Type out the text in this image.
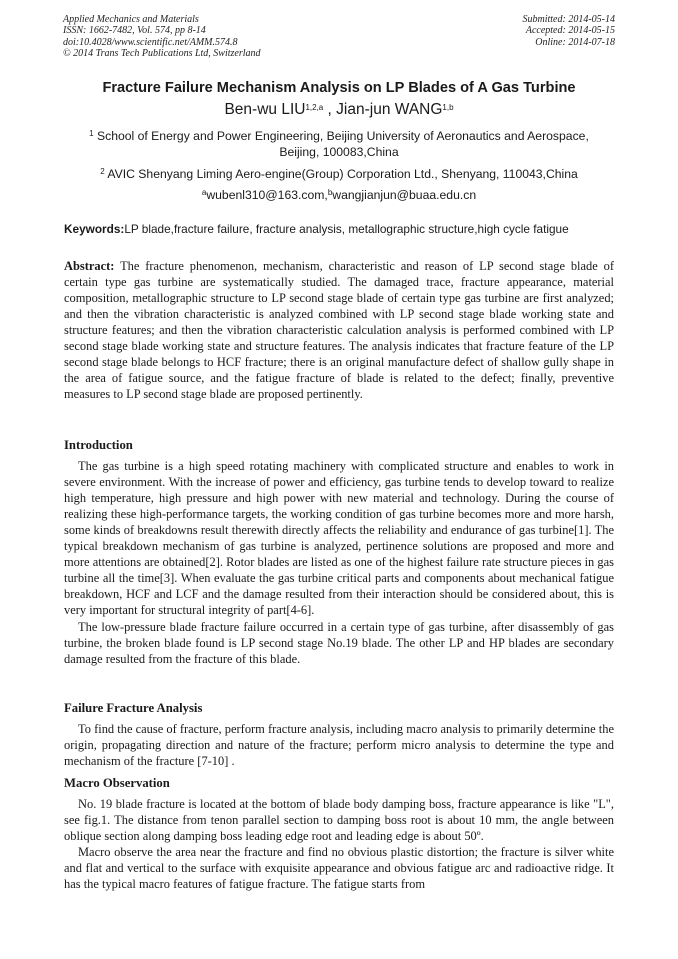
Applied Mechanics and Materials
ISSN: 1662-7482, Vol. 574, pp 8-14
doi:10.4028/www.scientific.net/AMM.574.8
© 2014 Trans Tech Publications Ltd, Switzerland
Submitted: 2014-05-14
Accepted: 2014-05-15
Online: 2014-07-18
Fracture Failure Mechanism Analysis on LP Blades of A Gas Turbine
Ben-wu LIU$^{1,2,a}$ , Jian-jun WANG$^{1,b}$
$^1$ School of Energy and Power Engineering, Beijing University of Aeronautics and Aerospace, Beijing, 100083,China
$^2$ AVIC Shenyang Liming Aero-engine(Group) Corporation Ltd., Shenyang, 110043,China
$^a$wubenl310@163.com,$^b$wangjianjun@buaa.edu.cn
Keywords:LP blade,fracture failure, fracture analysis, metallographic structure,high cycle fatigue
Abstract: The fracture phenomenon, mechanism, characteristic and reason of LP second stage blade of certain type gas turbine are systematically studied. The damaged trace, fracture appearance, material composition, metallographic structure to LP second stage blade of certain type gas turbine are first analyzed; and then the vibration characteristic is analyzed combined with LP second stage blade working state and structure features; and then the vibration characteristic calculation analysis is performed combined with LP second stage blade working state and structure features. The analysis indicates that fracture feature of the LP second stage blade belongs to HCF fracture; there is an original manufacture defect of shallow gully shape in the area of fatigue source, and the fatigue fracture of blade is related to the defect; finally, preventive measures to LP second stage blade are proposed pertinently.
Introduction

The gas turbine is a high speed rotating machinery with complicated structure and enables to work in severe environment. With the increase of power and efficiency, gas turbine tends to develop toward to realize high temperature, high pressure and high power with new material and technology. During the course of realizing these high-performance targets, the working condition of gas turbine becomes more and more harsh, some kinds of breakdowns result therewith directly affects the reliability and endurance of gas turbine[1]. The typical breakdown mechanism of gas turbine is analyzed, pertinence solutions are proposed and more and more attentions are obtained[2]. Rotor blades are listed as one of the highest failure rate structure pieces in gas turbine all the time[3]. When evaluate the gas turbine critical parts and components about mechanical fatigue breakdown, HCF and LCF and the damage resulted from their interaction should be considered about, this is very important for structural integrity of part[4-6].

The low-pressure blade fracture failure occurred in a certain type of gas turbine, after disassembly of gas turbine, the broken blade found is LP second stage No.19 blade. The other LP and HP blades are secondary damage resulted from the fracture of this blade.

Failure Fracture Analysis

To find the cause of fracture, perform fracture analysis, including macro analysis to primarily determine the origin, propagating direction and nature of the fracture; perform micro analysis to determine the type and mechanism of the fracture [7-10] .

Macro Observation

No. 19 blade fracture is located at the bottom of blade body damping boss, fracture appearance is like "L", see fig.1. The distance from tenon parallel section to damping boss root is about 10 mm, the angle between oblique section along damping boss leading edge root and leading edge is about 50º.

Macro observe the area near the fracture and find no obvious plastic distortion; the fracture is silver white and flat and vertical to the surface with exquisite appearance and obvious fatigue arc and radioactive ridge. It has the typical macro features of fatigue fracture. The fatigue starts from
